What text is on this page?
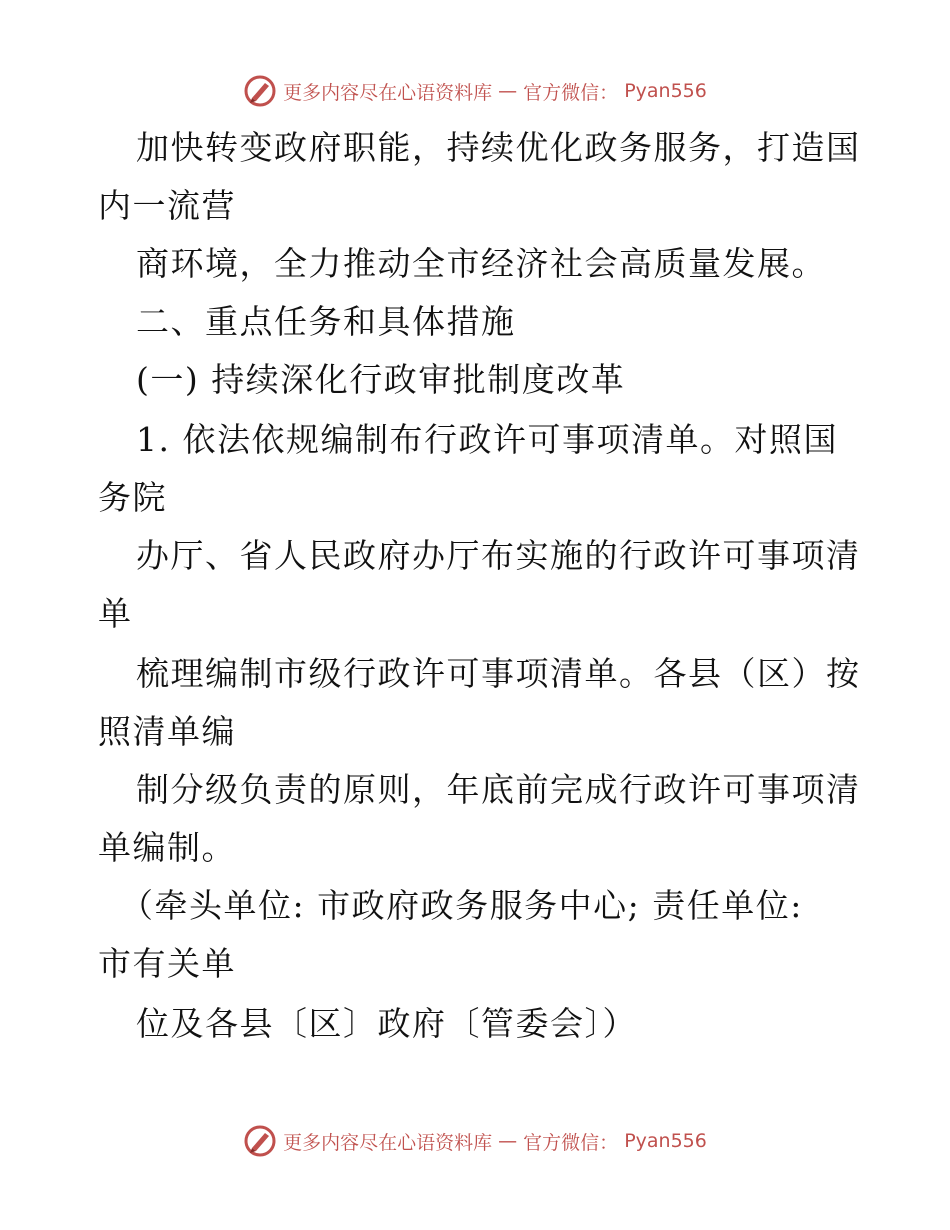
更多内容尽在心语资料库 — 官方微信： Pyan556
加快转变政府职能，持续优化政务服务，打造国
内一流营
商环境，全力推动全市经济社会高质量发展。
二、重点任务和具体措施
(一) 持续深化行政审批制度改革
1. 依法依规编制布行政许可事项清单。对照国
务院
办厅、省人民政府办厅布实施的行政许可事项清
单
梳理编制市级行政许可事项清单。各县（区）按
照清单编
制分级负责的原则，年底前完成行政许可事项清
单编制。
（牵头单位: 市政府政务服务中心; 责任单位:
市有关单
位及各县〔区〕政府〔管委会〕）
更多内容尽在心语资料库 — 官方微信： Pyan556
